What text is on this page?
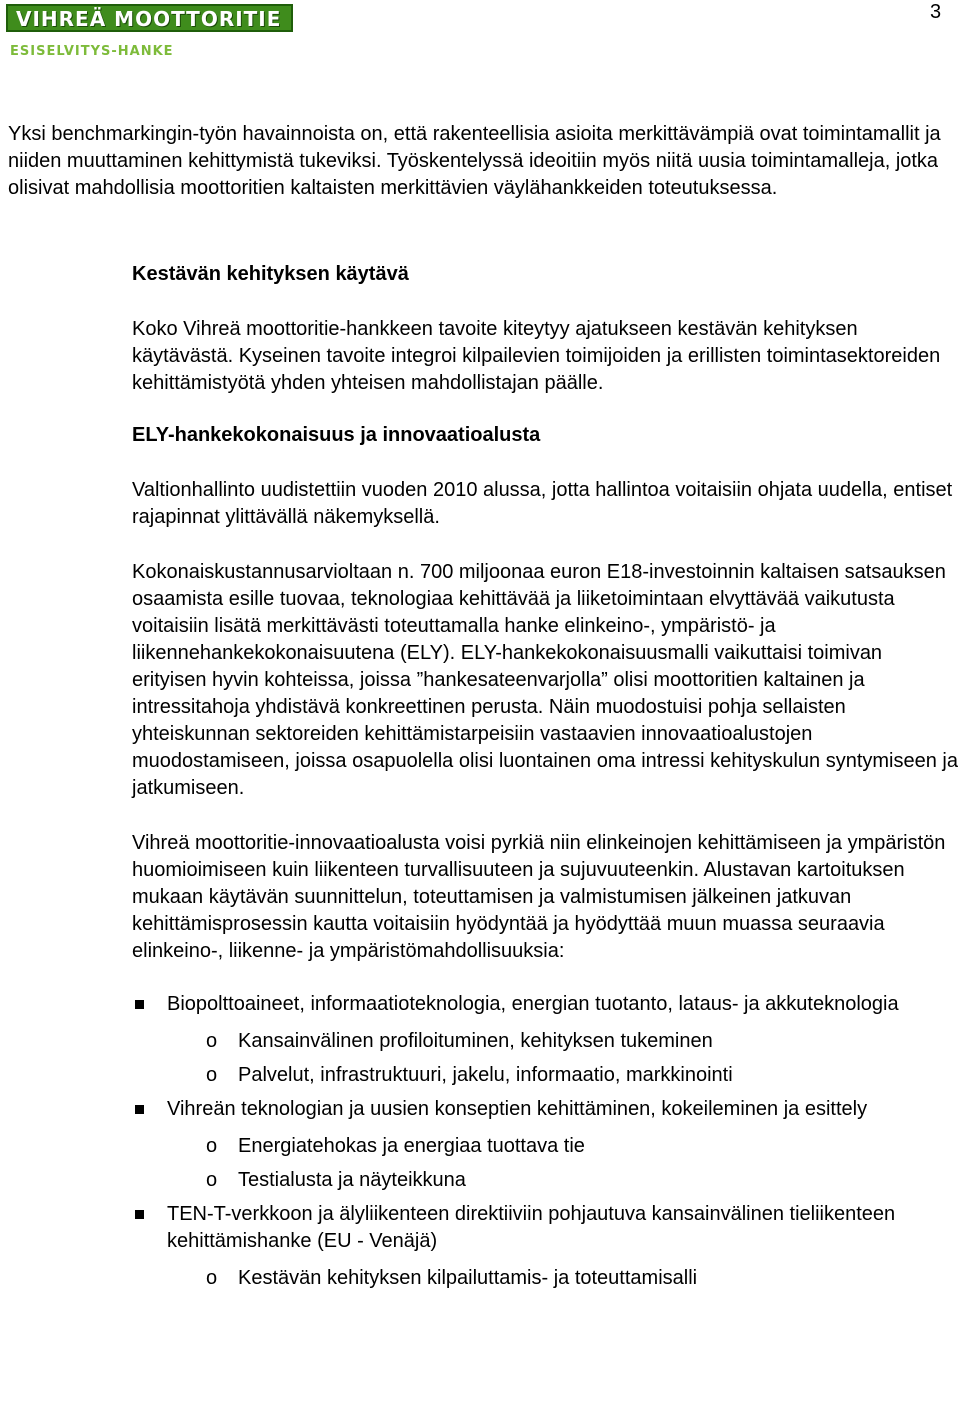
VIHREÄ MOOTTORITIE
ESISELVITYS-HANKE
3

Yksi benchmarkingin-työn havainnoista on, että rakenteellisia asioita merkittävämpiä ovat toimintamallit ja niiden muuttaminen kehittymistä tukeviksi. Työskentelyssä ideoitiin myös niitä uusia toimintamalleja, jotka olisivat mahdollisia moottoritien kaltaisten merkittävien väylähankkeiden toteutuksessa.

Kestävän kehityksen käytävä

Koko Vihreä moottoritie-hankkeen tavoite kiteytyy ajatukseen kestävän kehityksen käytävästä. Kyseinen tavoite integroi kilpailevien toimijoiden ja erillisten toimintasektoreiden kehittämistyötä yhden yhteisen mahdollistajan päälle.

ELY-hankekokonaisuus ja innovaatioalusta

Valtionhallinto uudistettiin vuoden 2010 alussa, jotta hallintoa voitaisiin ohjata uudella, entiset rajapinnat ylittävällä näkemyksellä.

Kokonaiskustannusarvioltaan n. 700 miljoonaa euron E18-investoinnin kaltaisen satsauksen osaamista esille tuovaa, teknologiaa kehittävää ja liiketoimintaan elvyttävää vaikutusta voitaisiin lisätä merkittävästi toteuttamalla hanke elinkeino-, ympäristö- ja liikennehankekokonaisuutena (ELY). ELY-hankekokonaisuusmalli vaikuttaisi toimivan erityisen hyvin kohteissa, joissa ”hankesateenvarjolla” olisi moottoritien kaltainen ja intressitahoja yhdistävä konkreettinen perusta. Näin muodostuisi pohja sellaisten yhteiskunnan sektoreiden kehittämistarpeisiin vastaavien innovaatioalustojen muodostamiseen, joissa osapuolella olisi luontainen oma intressi kehityskulun syntymiseen ja jatkumiseen.

Vihreä moottoritie-innovaatioalusta voisi pyrkiä niin elinkeinojen kehittämiseen ja ympäristön huomioimiseen kuin liikenteen turvallisuuteen ja sujuvuuteenkin. Alustavan kartoituksen mukaan käytävän suunnittelun, toteuttamisen ja valmistumisen jälkeinen jatkuvan kehittämisprosessin kautta voitaisiin hyödyntää ja hyödyttää muun muassa seuraavia elinkeino-, liikenne- ja ympäristömahdollisuuksia:

Biopolttoaineet, informaatioteknologia, energian tuotanto, lataus- ja akkuteknologia
o Kansainvälinen profiloituminen, kehityksen tukeminen
o Palvelut, infrastruktuuri, jakelu, informaatio, markkinointi
Vihreän teknologian ja uusien konseptien kehittäminen, kokeileminen ja esittely
o Energiatehokas ja energiaa tuottava tie
o Testialusta ja näyteikkuna
TEN-T-verkkoon ja älyliikenteen direktiiviin pohjautuva kansainvälinen tieliikenteen kehittämishanke (EU - Venäjä)
o Kestävän kehityksen kilpailuttamis- ja toteuttamisalli
